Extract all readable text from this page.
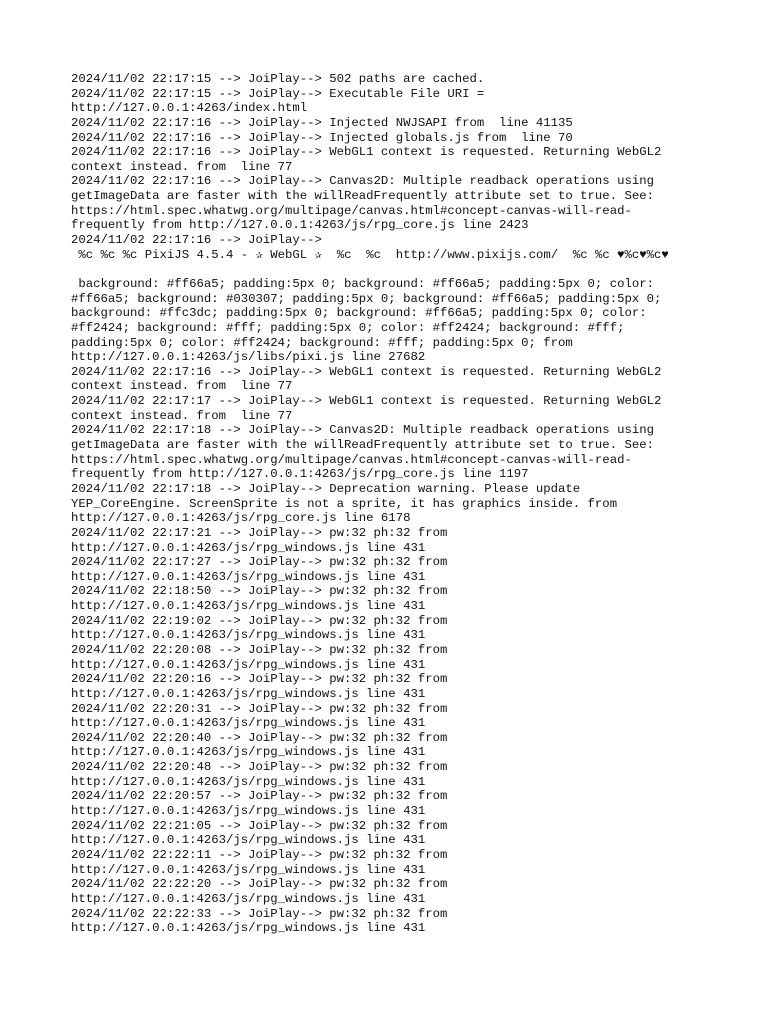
2024/11/02 22:17:15 --> JoiPlay--> 502 paths are cached.
2024/11/02 22:17:15 --> JoiPlay--> Executable File URI =
http://127.0.0.1:4263/index.html
2024/11/02 22:17:16 --> JoiPlay--> Injected NWJSAPI from  line 41135
2024/11/02 22:17:16 --> JoiPlay--> Injected globals.js from  line 70
2024/11/02 22:17:16 --> JoiPlay--> WebGL1 context is requested. Returning WebGL2
context instead. from  line 77
2024/11/02 22:17:16 --> JoiPlay--> Canvas2D: Multiple readback operations using
getImageData are faster with the willReadFrequently attribute set to true. See:
https://html.spec.whatwg.org/multipage/canvas.html#concept-canvas-will-read-
frequently from http://127.0.0.1:4263/js/rpg_core.js line 2423
2024/11/02 22:17:16 --> JoiPlay-->
%c %c %c PixiJS 4.5.4 - ✰ WebGL ✰  %c  %c  http://www.pixijs.com/  %c %c ♥%c♥%c♥
background: #ff66a5; padding:5px 0; background: #ff66a5; padding:5px 0; color:
#ff66a5; background: #030307; padding:5px 0; background: #ff66a5; padding:5px 0;
background: #ffc3dc; padding:5px 0; background: #ff66a5; padding:5px 0; color:
#ff2424; background: #fff; padding:5px 0; color: #ff2424; background: #fff;
padding:5px 0; color: #ff2424; background: #fff; padding:5px 0; from
http://127.0.0.1:4263/js/libs/pixi.js line 27682
2024/11/02 22:17:16 --> JoiPlay--> WebGL1 context is requested. Returning WebGL2
context instead. from  line 77
2024/11/02 22:17:17 --> JoiPlay--> WebGL1 context is requested. Returning WebGL2
context instead. from  line 77
2024/11/02 22:17:18 --> JoiPlay--> Canvas2D: Multiple readback operations using
getImageData are faster with the willReadFrequently attribute set to true. See:
https://html.spec.whatwg.org/multipage/canvas.html#concept-canvas-will-read-
frequently from http://127.0.0.1:4263/js/rpg_core.js line 1197
2024/11/02 22:17:18 --> JoiPlay--> Deprecation warning. Please update
YEP_CoreEngine. ScreenSprite is not a sprite, it has graphics inside. from
http://127.0.0.1:4263/js/rpg_core.js line 6178
2024/11/02 22:17:21 --> JoiPlay--> pw:32 ph:32 from
http://127.0.0.1:4263/js/rpg_windows.js line 431
2024/11/02 22:17:27 --> JoiPlay--> pw:32 ph:32 from
http://127.0.0.1:4263/js/rpg_windows.js line 431
2024/11/02 22:18:50 --> JoiPlay--> pw:32 ph:32 from
http://127.0.0.1:4263/js/rpg_windows.js line 431
2024/11/02 22:19:02 --> JoiPlay--> pw:32 ph:32 from
http://127.0.0.1:4263/js/rpg_windows.js line 431
2024/11/02 22:20:08 --> JoiPlay--> pw:32 ph:32 from
http://127.0.0.1:4263/js/rpg_windows.js line 431
2024/11/02 22:20:16 --> JoiPlay--> pw:32 ph:32 from
http://127.0.0.1:4263/js/rpg_windows.js line 431
2024/11/02 22:20:31 --> JoiPlay--> pw:32 ph:32 from
http://127.0.0.1:4263/js/rpg_windows.js line 431
2024/11/02 22:20:40 --> JoiPlay--> pw:32 ph:32 from
http://127.0.0.1:4263/js/rpg_windows.js line 431
2024/11/02 22:20:48 --> JoiPlay--> pw:32 ph:32 from
http://127.0.0.1:4263/js/rpg_windows.js line 431
2024/11/02 22:20:57 --> JoiPlay--> pw:32 ph:32 from
http://127.0.0.1:4263/js/rpg_windows.js line 431
2024/11/02 22:21:05 --> JoiPlay--> pw:32 ph:32 from
http://127.0.0.1:4263/js/rpg_windows.js line 431
2024/11/02 22:22:11 --> JoiPlay--> pw:32 ph:32 from
http://127.0.0.1:4263/js/rpg_windows.js line 431
2024/11/02 22:22:20 --> JoiPlay--> pw:32 ph:32 from
http://127.0.0.1:4263/js/rpg_windows.js line 431
2024/11/02 22:22:33 --> JoiPlay--> pw:32 ph:32 from
http://127.0.0.1:4263/js/rpg_windows.js line 431
